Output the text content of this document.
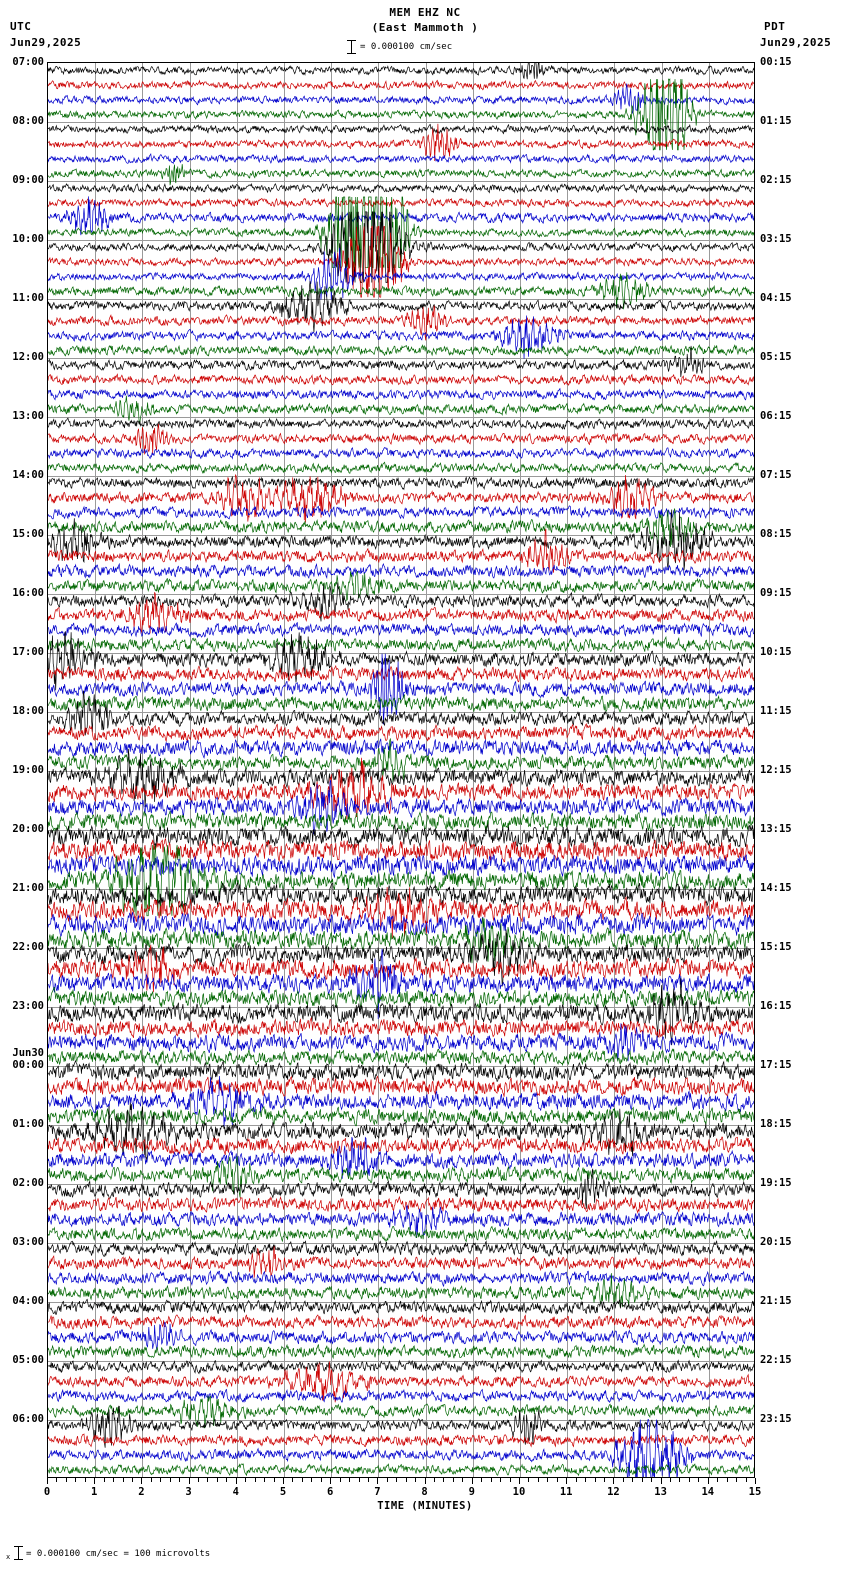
UTC
Jun29,2025
PDT
Jun29,2025
MEM EHZ NC
(East Mammoth )
= 0.000100 cm/sec
0	1	2	3	4	5	6	7	8	9	10	11	12	13	14	15
TIME (MINUTES)
x = 0.000100 cm/sec = 100 microvolts
07:00
08:00
09:00
10:00
11:00
12:00
13:00
14:00
15:00
16:00
17:00
18:00
19:00
20:00
21:00
22:00
23:00
00:00
01:00
02:00
03:00
04:00
05:00
06:00
00:15
01:15
02:15
03:15
04:15
05:15
06:15
07:15
08:15
09:15
10:15
11:15
12:15
13:15
14:15
15:15
16:15
17:15
18:15
19:15
20:15
21:15
22:15
23:15
Jun30
